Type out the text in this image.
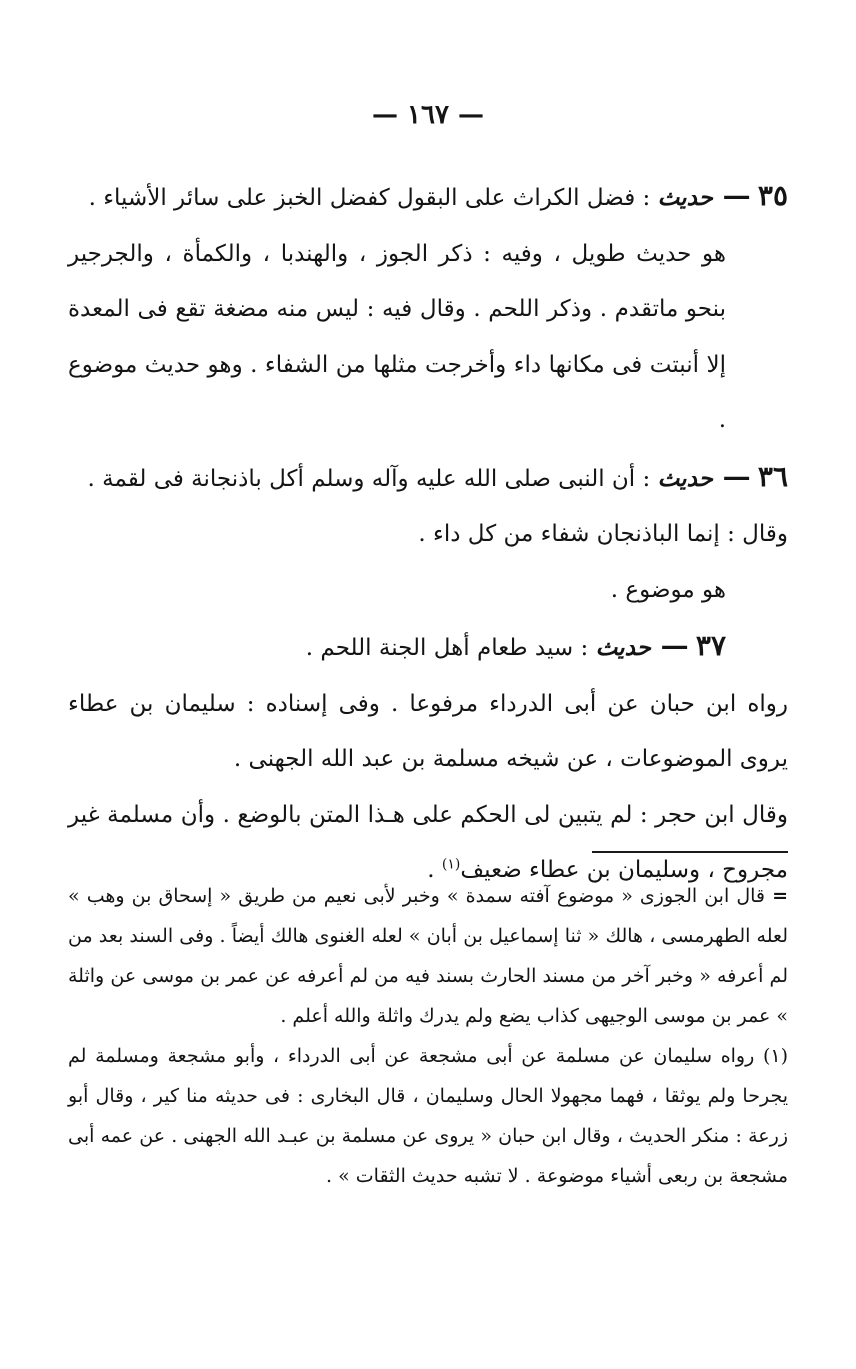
— ١٦٧ —

٣٥ — حديث : فضل الكراث على البقول كفضل الخبز على سائر الأشياء .

هو حديث طويل ، وفيه : ذكر الجوز ، والهندبا ، والكمأة ، والجرجير بنحو ماتقدم . وذكر اللحم . وقال فيه : ليس منه مضغة تقع فى المعدة إلا أنبتت فى مكانها داء وأخرجت مثلها من الشفاء . وهو حديث موضوع .

٣٦ — حديث : أن النبى صلى الله عليه وآله وسلم أكل باذنجانة فى لقمة .

وقال : إنما الباذنجان شفاء من كل داء .

هو موضوع .

٣٧ — حديث : سيد طعام أهل الجنة اللحم .

رواه ابن حبان عن أبى الدرداء مرفوعا . وفى إسناده : سليمان بن عطاء يروى الموضوعات ، عن شيخه مسلمة بن عبد الله الجهنى .

وقال ابن حجر : لم يتبين لى الحكم على هـذا المتن بالوضع . وأن مسلمة غير مجروح ، وسليمان بن عطاء ضعيف$^{(١)}$ .

= قال ابن الجوزى « موضوع آفته سمدة » وخبر لأبى نعيم من طريق « إسحاق بن وهب » لعله الطهرمسى ، هالك « ثنا إسماعيل بن أبان » لعله الغنوى هالك أيضاً . وفى السند بعد من لم أعرفه « وخبر آخر من مسند الحارث بسند فيه من لم أعرفه عن عمر بن موسى عن واثلة » عمر بن موسى الوجيهى كذاب يضع ولم يدرك واثلة والله أعلم .

(١) رواه سليمان عن مسلمة عن أبى مشجعة عن أبى الدرداء ، وأبو مشجعة ومسلمة لم يجرحا ولم يوثقا ، فهما مجهولا الحال وسليمان ، قال البخارى : فى حديثه منا كير ، وقال أبو زرعة : منكر الحديث ، وقال ابن حبان « يروى عن مسلمة بن عبـد الله الجهنى . عن عمه أبى مشجعة بن ربعى أشياء موضوعة . لا تشبه حديث الثقات » .
